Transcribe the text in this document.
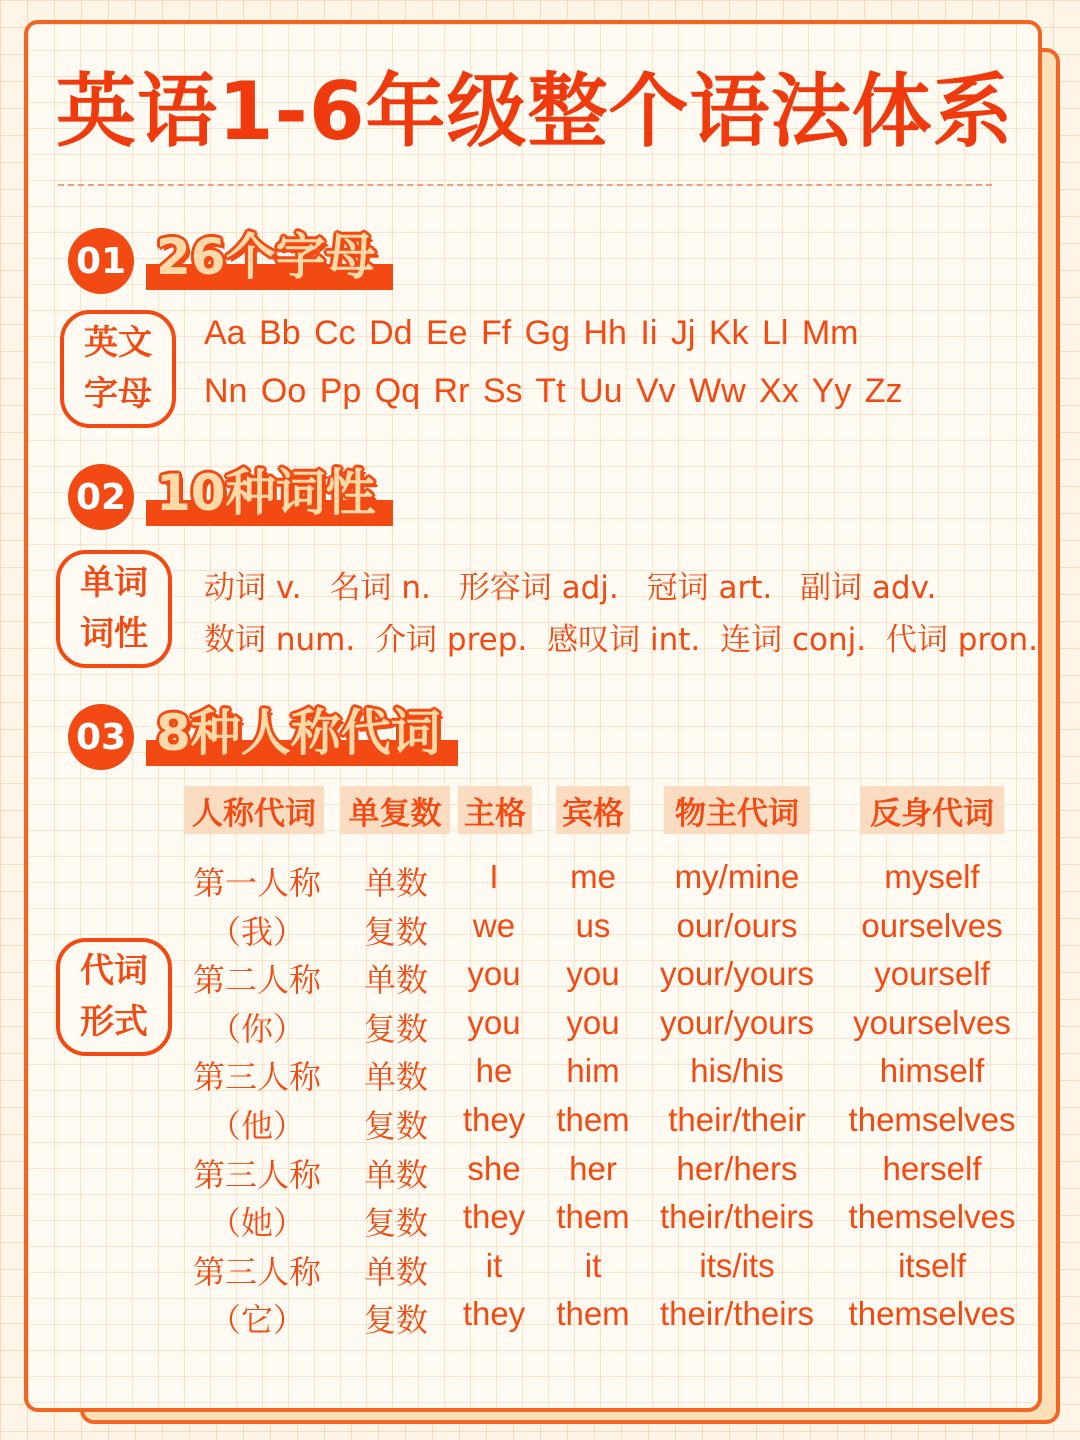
英语1-6年级整个语法体系
01 26个字母
英文
字母
Aa Bb Cc Dd Ee Ff Gg Hh Ii Jj Kk Ll Mm
Nn Oo Pp Qq Rr Ss Tt Uu Vv Ww Xx Yy Zz
02 10种词性
单词
词性
动词 v. 名词 n. 形容词 adj. 冠词 art. 副词 adv.
数词 num. 介词 prep. 感叹词 int. 连词 conj. 代词 pron.
03 8种人称代词
代词
形式
人称代词 单复数 主格 宾格	物主代词	反身代词
第一人称 单数 I me my/mine	myself
（我） 复数 we us our/ours ourselves
第二人称 单数 you you your/yours yourself
（你） 复数 you you your/yours yourselves
第三人称 单数 he him his/his	himself
（他） 复数 they them their/their themselves
第三人称 单数 she her her/hers	herself
（她） 复数 they them their/theirs themselves
第三人称 单数 it	it	its/its	itself
（它） 复数 they them their/theirs themselves
